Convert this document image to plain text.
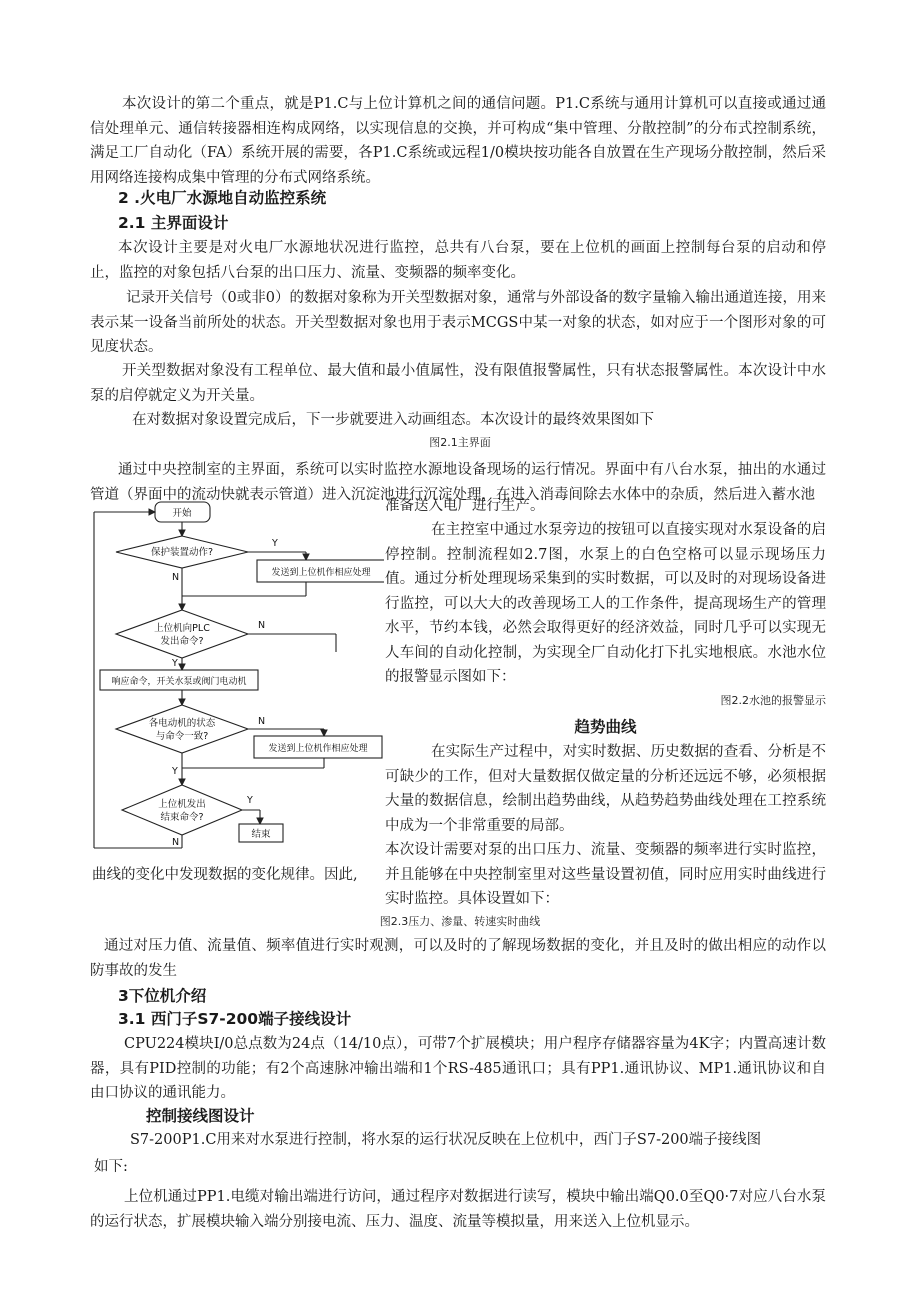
本次设计的第二个重点，就是P1.C与上位计算机之间的通信问题。P1.C系统与通用计算机可以直接或通过通信处理单元、通信转接器相连构成网络，以实现信息的交换，并可构成“集中管理、分散控制”的分布式控制系统，满足工厂自动化（FA）系统开展的需要，各P1.C系统或远程1/0模块按功能各自放置在生产现场分散控制，然后采用网络连接构成集中管理的分布式网络系统。

2 .火电厂水源地自动监控系统

2.1 主界面设计

本次设计主要是对火电厂水源地状况进行监控，总共有八台泵，要在上位机的画面上控制每台泵的启动和停止，监控的对象包括八台泵的出口压力、流量、变频器的频率变化。

记录开关信号（0或非0）的数据对象称为开关型数据对象，通常与外部设备的数字量输入输出通道连接，用来表示某一设备当前所处的状态。开关型数据对象也用于表示MCGS中某一对象的状态，如对应于一个图形对象的可见度状态。

开关型数据对象没有工程单位、最大值和最小值属性，没有限值报警属性，只有状态报警属性。本次设计中水泵的启停就定义为开关量。

在对数据对象设置完成后，下一步就要进入动画组态。本次设计的最终效果图如下

图2.1主界面

通过中央控制室的主界面，系统可以实时监控水源地设备现场的运行情况。界面中有八台水泵，抽出的水通过管道（界面中的流动快就表示管道）进入沉淀池进行沉淀处理，在进入消毒间除去水体中的杂质，然后进入蓄水池

准备送入电厂进行生产。

开始
保护装置动作?
发送到上位机作相应处理
上位机向PLC
发出命令?
响应命令，开关水泵或阀门电动机
各电动机的状态
与命令一致?
发送到上位机作相应处理
上位机发出
结束命令?
结束
Y
N
N
Y
N
Y
Y
N

在主控室中通过水泵旁边的按钮可以直接实现对水泵设备的启停控制。控制流程如2.7图，水泵上的白色空格可以显示现场压力值。通过分析处理现场采集到的实时数据，可以及时的对现场设备进行监控，可以大大的改善现场工人的工作条件，提高现场生产的管理水平，节约本钱，必然会取得更好的经济效益，同时几乎可以实现无人车间的自动化控制，为实现全厂自动化打下扎实地根底。水池水位的报警显示图如下：

图2.2水池的报警显示

趋势曲线

在实际生产过程中，对实时数据、历史数据的查看、分析是不可缺少的工作，但对大量数据仅做定量的分析还远远不够，必须根据大量的数据信息，绘制出趋势曲线，从趋势趋势曲线处理在工控系统中成为一个非常重要的局部。

本次设计需要对泵的出口压力、流量、变频器的频率进行实时监控，并且能够在中央控制室里对这些量设置初值，同时应用实时曲线进行实时监控。具体设置如下：

曲线的变化中发现数据的变化规律。因此,

图2.3压力、渗量、转速实时曲线

通过对压力值、流量值、频率值进行实时观测，可以及时的了解现场数据的变化，并且及时的做出相应的动作以防事故的发生

3下位机介绍

3.1 西门子S7-200端子接线设计

CPU224模块I/0总点数为24点（14/10点），可带7个扩展模块；用户程序存储器容量为4K字；内置高速计数器，具有PID控制的功能；有2个高速脉冲输出端和1个RS-485通讯口；具有PP1.通讯协议、MP1.通讯协议和自由口协议的通讯能力。

控制接线图设计

S7-200P1.C用来对水泵进行控制，将水泵的运行状况反映在上位机中，西门子S7-200端子接线图

如下:

上位机通过PP1.电缆对输出端进行访问，通过程序对数据进行读写，模块中输出端Q0.0至Q0·7对应八台水泵的运行状态，扩展模块输入端分别接电流、压力、温度、流量等模拟量，用来送入上位机显示。
